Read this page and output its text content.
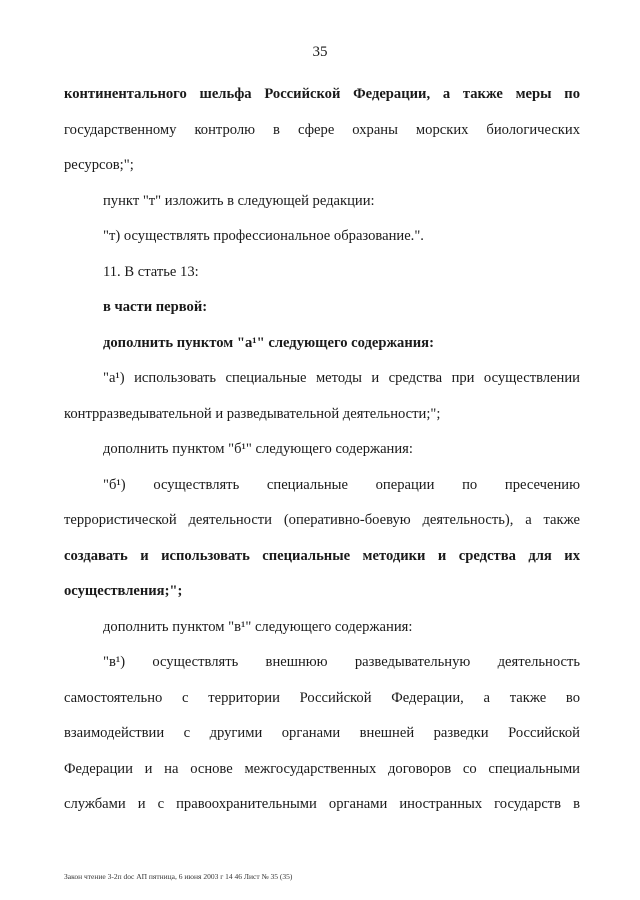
35
континентального шельфа Российской Федерации, а также меры по
государственному контролю в сфере охраны морских биологических
ресурсов;";
пункт "т" изложить в следующей редакции:
"т) осуществлять профессиональное образование.".
11. В статье 13:
в части первой:
дополнить пунктом "а¹" следующего содержания:
"а¹) использовать специальные методы и средства при осуществлении
контрразведывательной и разведывательной деятельности;";
дополнить пунктом "б¹" следующего содержания:
"б¹) осуществлять специальные операции по пресечению
террористической деятельности (оперативно-боевую деятельность), а также
создавать и использовать специальные методики и средства для их
осуществления;";
дополнить пунктом "в¹" следующего содержания:
"в¹) осуществлять внешнюю разведывательную деятельность
самостоятельно с территории Российской Федерации, а также во
взаимодействии с другими органами внешней разведки Российской
Федерации и на основе межгосударственных договоров со специальными
службами и с правоохранительными органами иностранных государств в
Закон чтение 3-2п doc АП пятница, 6 июня 2003 г 14 46 Лист № 35 (35)
